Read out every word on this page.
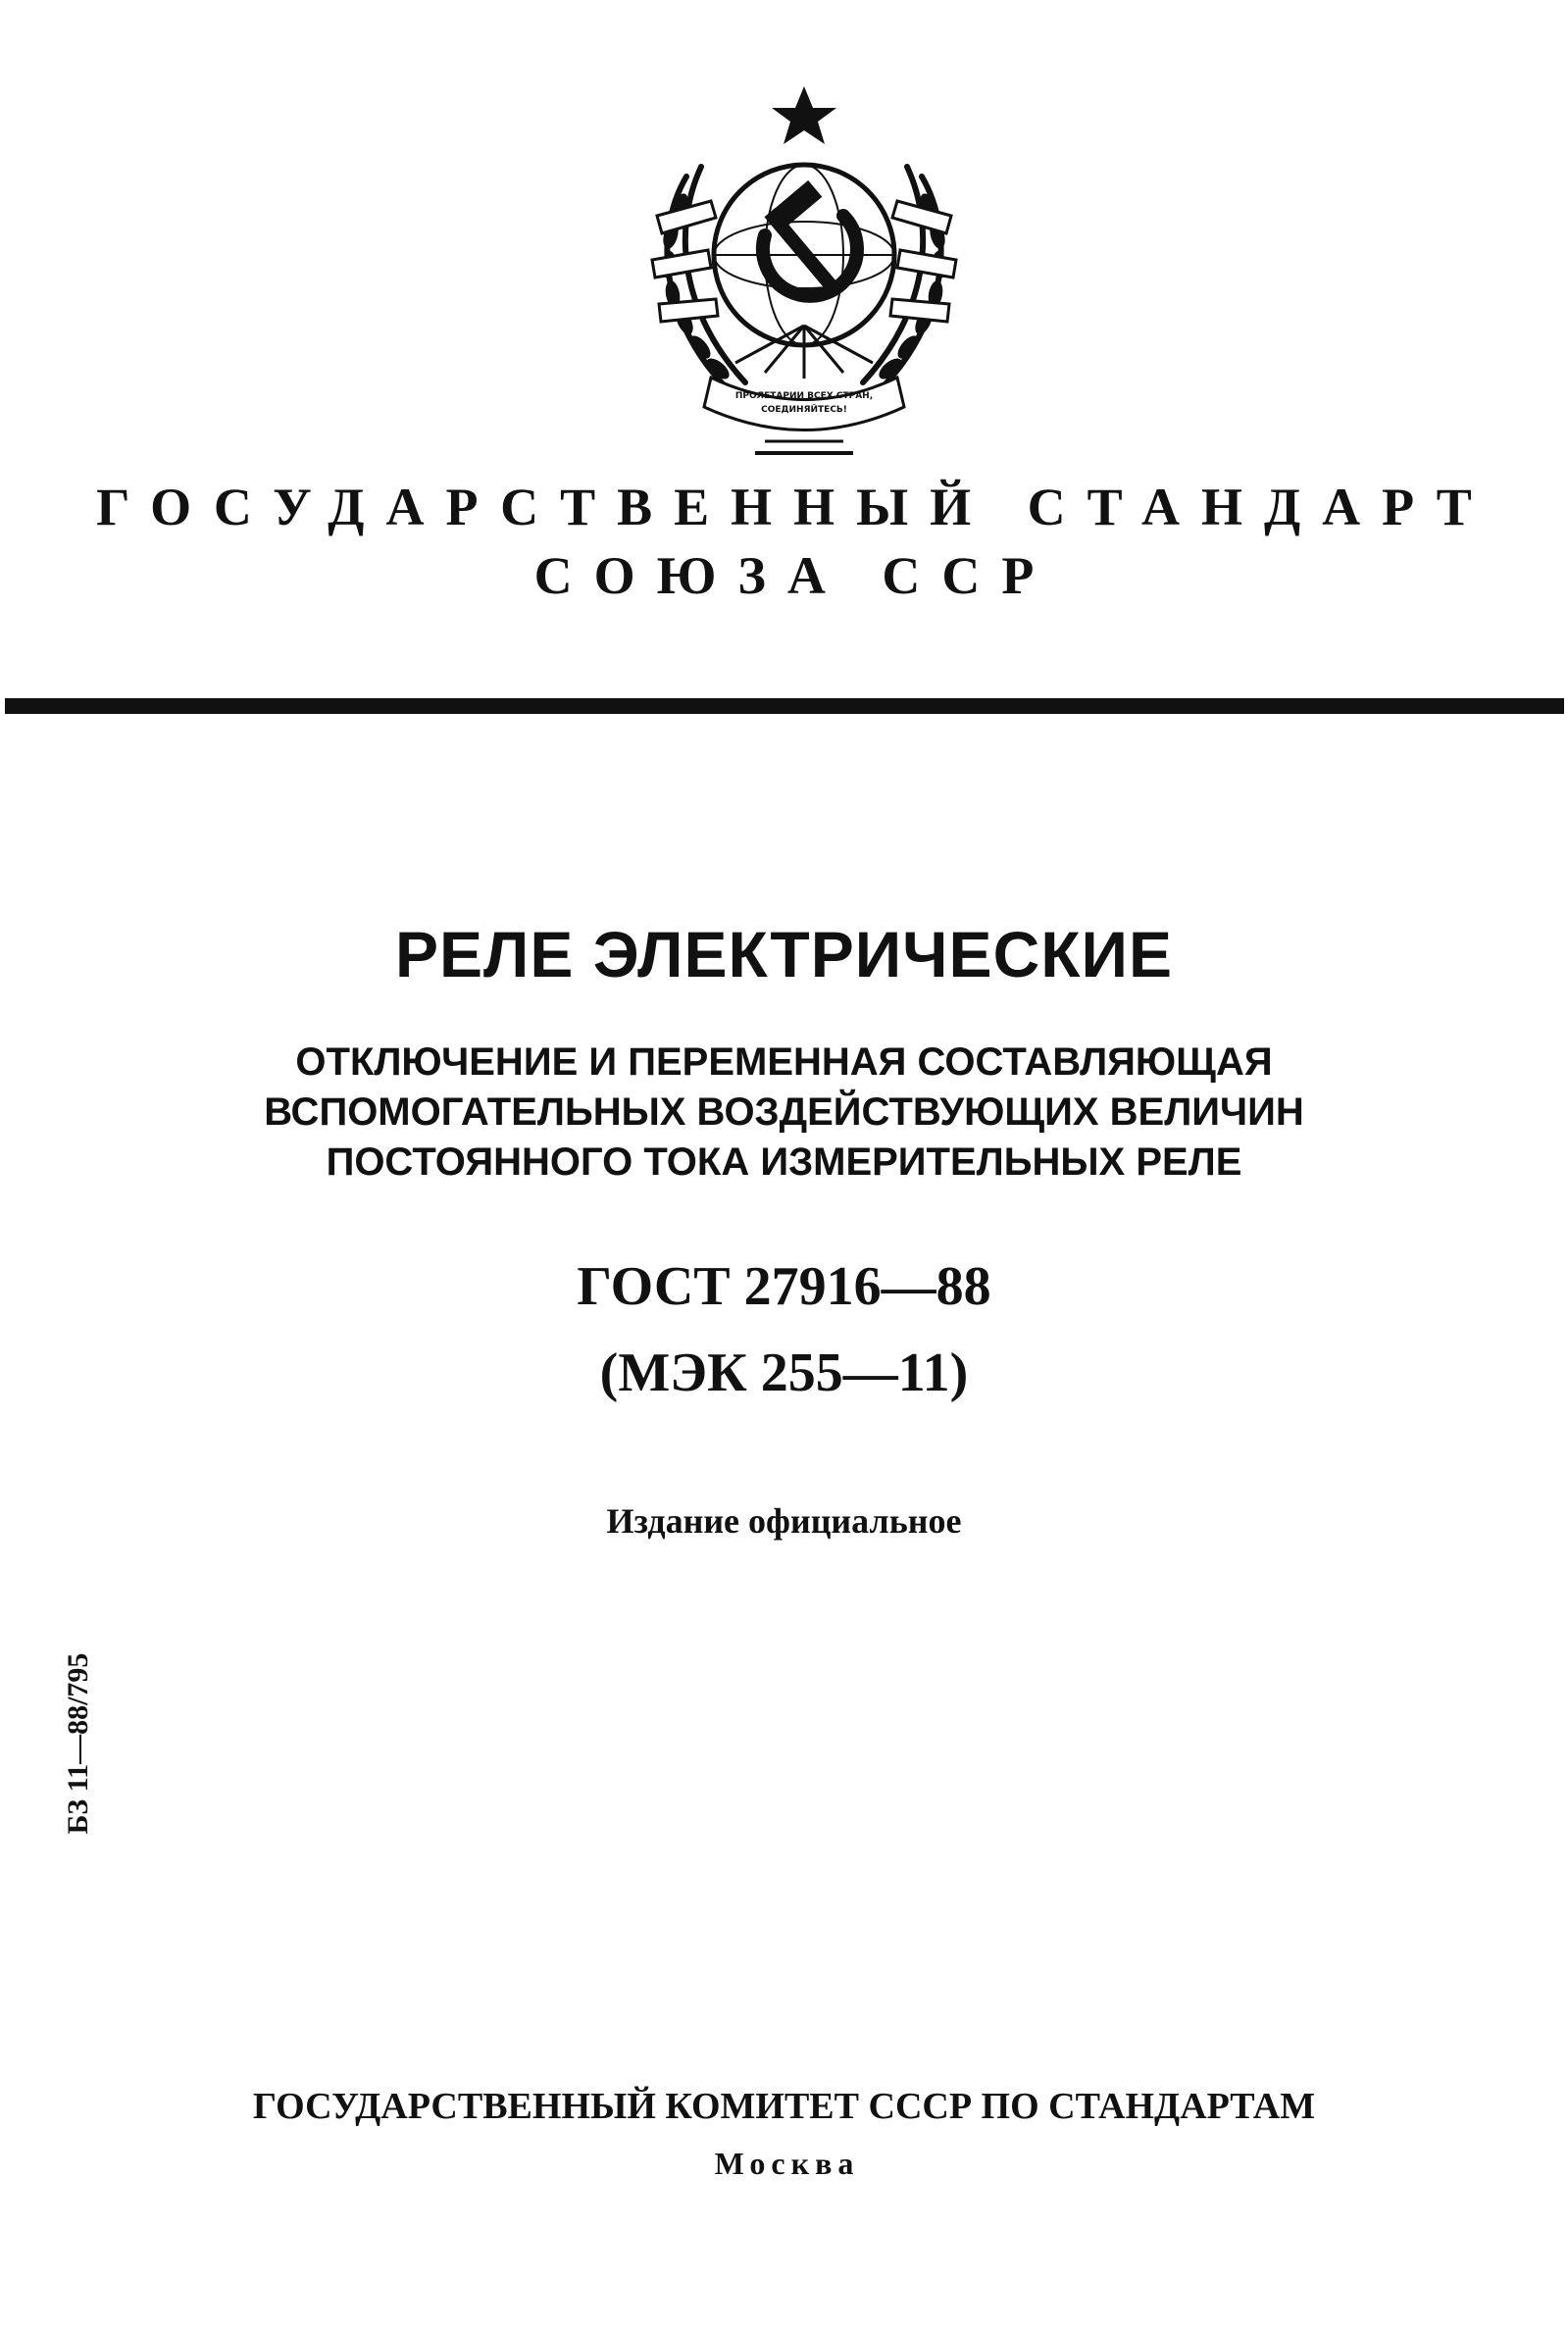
ПРОЛЕТАРИИ ВСЕХ СТРАН,
СОЕДИНЯЙТЕСЬ!
ГОСУДАРСТВЕННЫЙ СТАНДАРТ
СОЮЗА ССР
РЕЛЕ ЭЛЕКТРИЧЕСКИЕ
ОТКЛЮЧЕНИЕ И ПЕРЕМЕННАЯ СОСТАВЛЯЮЩАЯ
ВСПОМОГАТЕЛЬНЫХ ВОЗДЕЙСТВУЮЩИХ ВЕЛИЧИН
ПОСТОЯННОГО ТОКА ИЗМЕРИТЕЛЬНЫХ РЕЛЕ
ГОСТ 27916—88
(МЭК 255—11)
Издание официальное
БЗ 11—88/795
ГОСУДАРСТВЕННЫЙ КОМИТЕТ СССР ПО СТАНДАРТАМ
Москва
